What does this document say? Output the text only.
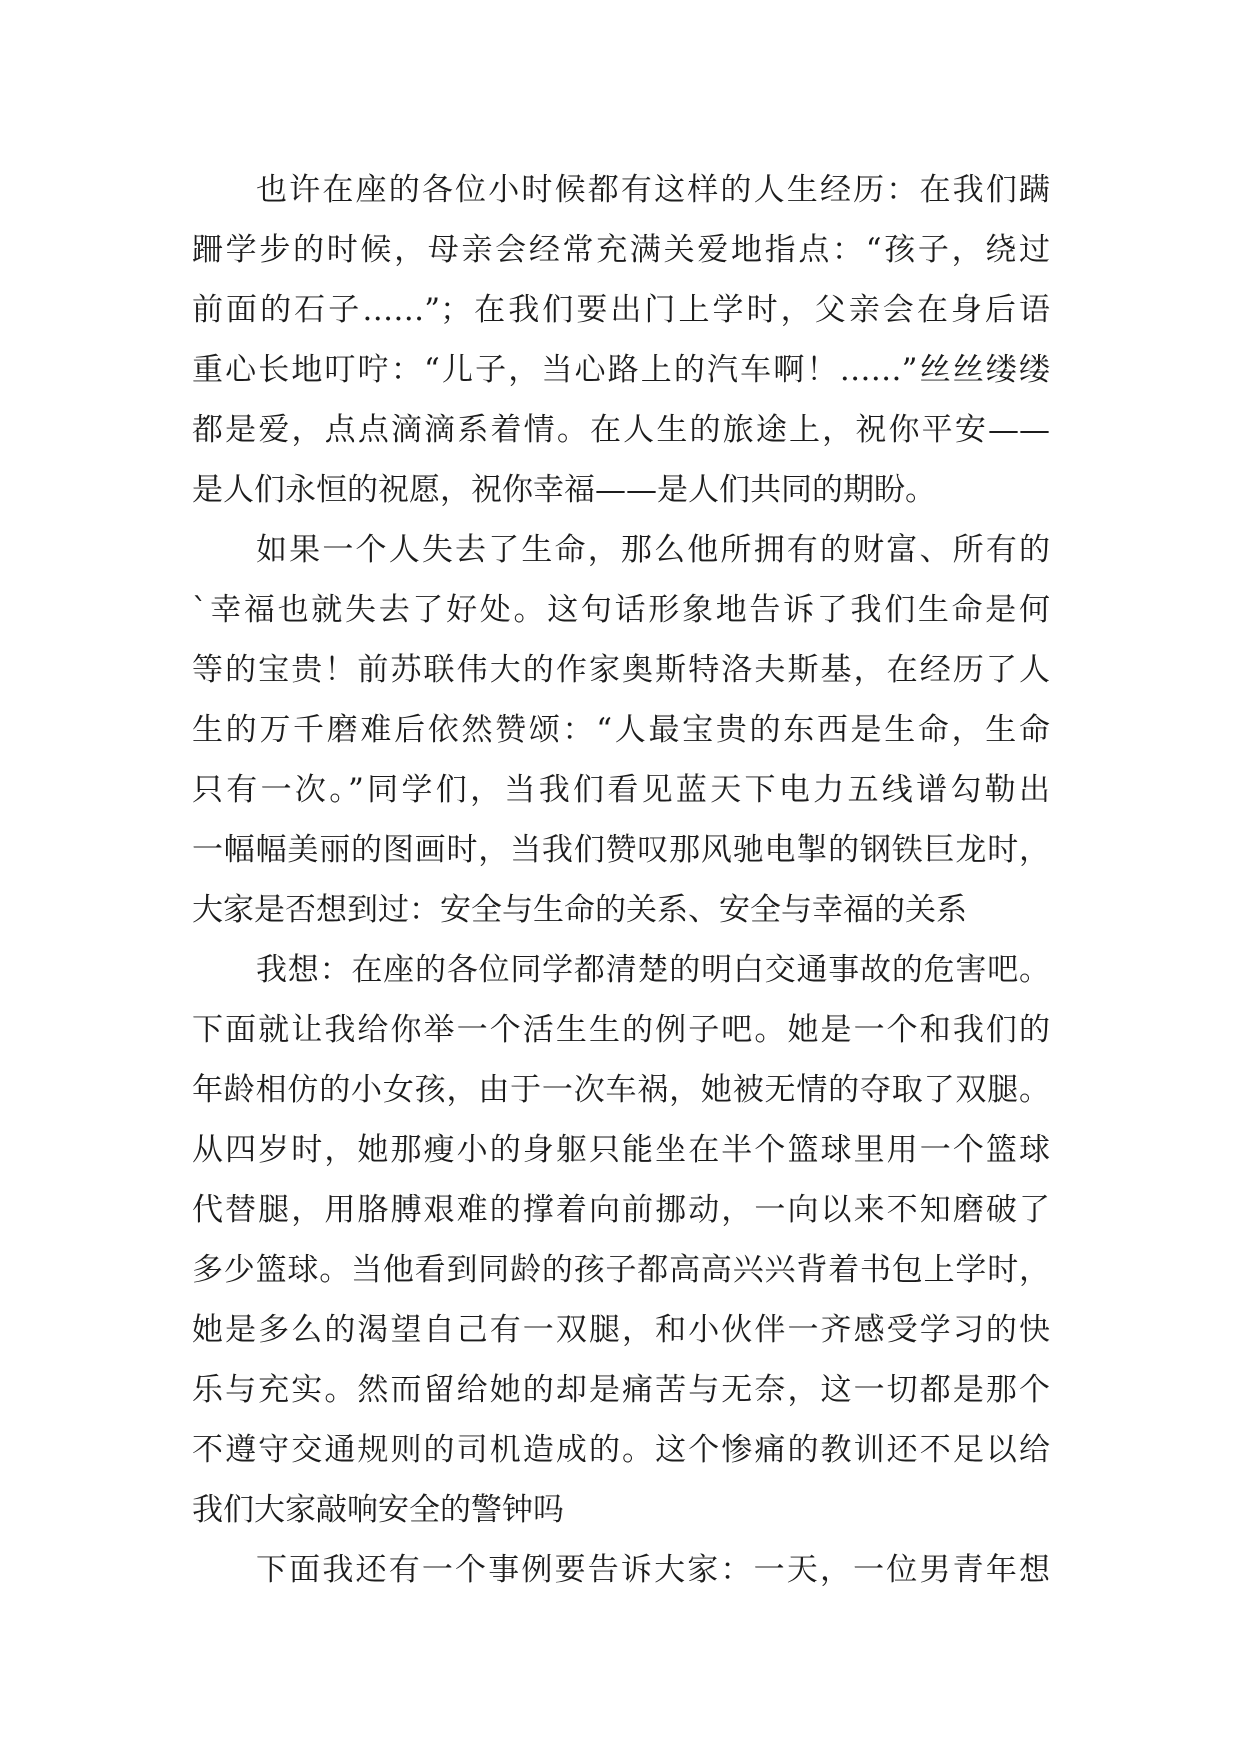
也许在座的各位小时候都有这样的人生经历：在我们蹒
跚学步的时候，母亲会经常充满关爱地指点：“孩子，绕过
前面的石子……”；在我们要出门上学时，父亲会在身后语
重心长地叮咛：“儿子，当心路上的汽车啊！……”丝丝缕缕
都是爱，点点滴滴系着情。在人生的旅途上，祝你平安——
是人们永恒的祝愿，祝你幸福——是人们共同的期盼。
如果一个人失去了生命，那么他所拥有的财富、所有的
`幸福也就失去了好处。这句话形象地告诉了我们生命是何
等的宝贵！前苏联伟大的作家奥斯特洛夫斯基，在经历了人
生的万千磨难后依然赞颂：“人最宝贵的东西是生命，生命
只有一次。”同学们，当我们看见蓝天下电力五线谱勾勒出
一幅幅美丽的图画时，当我们赞叹那风驰电掣的钢铁巨龙时，
大家是否想到过：安全与生命的关系、安全与幸福的关系
我想：在座的各位同学都清楚的明白交通事故的危害吧。
下面就让我给你举一个活生生的例子吧。她是一个和我们的
年龄相仿的小女孩，由于一次车祸，她被无情的夺取了双腿。
从四岁时，她那瘦小的身躯只能坐在半个篮球里用一个篮球
代替腿，用胳膊艰难的撑着向前挪动，一向以来不知磨破了
多少篮球。当他看到同龄的孩子都高高兴兴背着书包上学时，
她是多么的渴望自己有一双腿，和小伙伴一齐感受学习的快
乐与充实。然而留给她的却是痛苦与无奈，这一切都是那个
不遵守交通规则的司机造成的。这个惨痛的教训还不足以给
我们大家敲响安全的警钟吗
下面我还有一个事例要告诉大家：一天，一位男青年想
